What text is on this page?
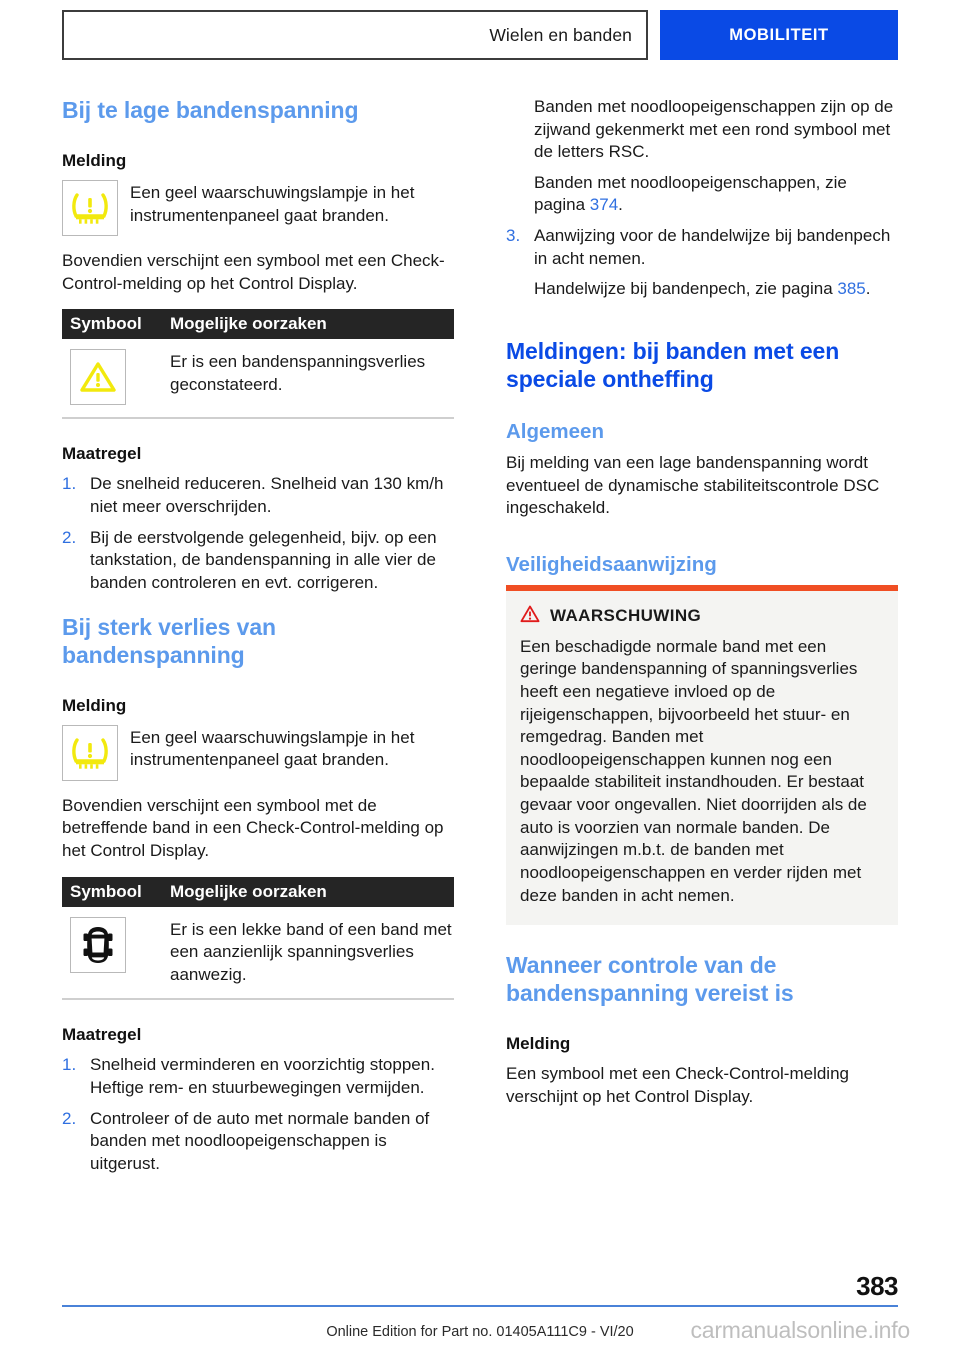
Wielen en banden	MOBILITEIT
Bij te lage bandenspanning
Melding
Een geel waarschuwingslampje in het instrumentenpaneel gaat branden.

Bovendien verschijnt een symbool met een Check-Control-melding op het Control Display.

Symbool	Mogelijke oorzaken
Er is een bandenspanningsverlies geconstateerd.
Maatregel
1. De snelheid reduceren. Snelheid van 130 km/h niet meer overschrijden.
2. Bij de eerstvolgende gelegenheid, bijv. op een tankstation, de bandenspanning in alle vier de banden controleren en evt. corrigeren.
Bij sterk verlies van bandenspanning
Melding
Een geel waarschuwingslampje in het instrumentenpaneel gaat branden.

Bovendien verschijnt een symbool met de betreffende band in een Check-Control-melding op het Control Display.

Symbool	Mogelijke oorzaken
Er is een lekke band of een band met een aanzienlijk spanningsverlies aanwezig.
Maatregel
1. Snelheid verminderen en voorzichtig stoppen. Heftige rem- en stuurbewegingen vermijden.
2. Controleer of de auto met normale banden of banden met noodloopeigenschappen is uitgerust.
Banden met noodloopeigenschappen zijn op de zijwand gekenmerkt met een rond symbool met de letters RSC.
Banden met noodloopeigenschappen, zie pagina 374.
3. Aanwijzing voor de handelwijze bij bandenpech in acht nemen.
Handelwijze bij bandenpech, zie pagina 385.
Meldingen: bij banden met een speciale ontheffing
Algemeen

Bij melding van een lage bandenspanning wordt eventueel de dynamische stabiliteitscontrole DSC ingeschakeld.

Veiligheidsaanwijzing
WAARSCHUWING
Een beschadigde normale band met een geringe bandenspanning of spanningsverlies heeft een negatieve invloed op de rijeigenschappen, bijvoorbeeld het stuur- en remgedrag. Banden met noodloopeigenschappen kunnen nog een bepaalde stabiliteit instandhouden. Er bestaat gevaar voor ongevallen. Niet doorrijden als de auto is voorzien van normale banden. De aanwijzingen m.b.t. de banden met noodloopeigenschappen en verder rijden met deze banden in acht nemen.
Wanneer controle van de bandenspanning vereist is
Melding

Een symbool met een Check-Control-melding verschijnt op het Control Display.

383
Online Edition for Part no. 01405A111C9 - VI/20	carmanualsonline.info
